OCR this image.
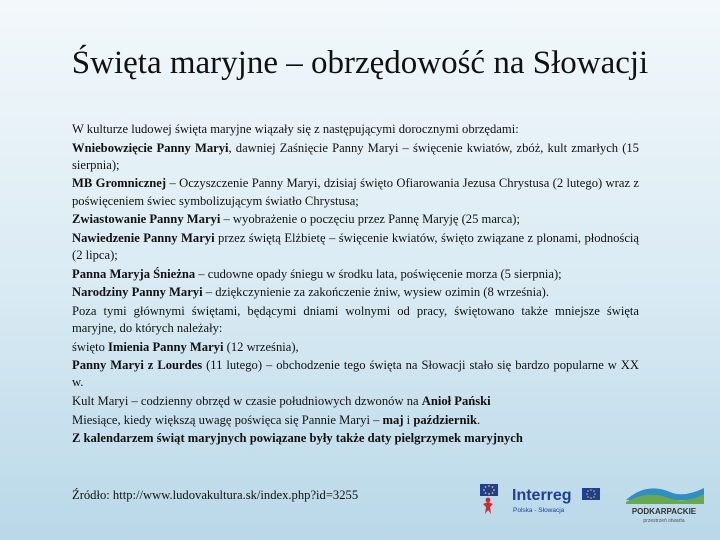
Święta maryjne – obrzędowość na Słowacji

W kulturze ludowej święta maryjne wiązały się z następującymi dorocznymi obrzędami:

Wniebowzięcie Panny Maryi, dawniej Zaśnięcie Panny Maryi – święcenie kwiatów, zbóż, kult zmarłych (15 sierpnia);

MB Gromnicznej – Oczyszczenie Panny Maryi, dzisiaj święto Ofiarowania Jezusa Chrystusa (2 lutego) wraz z poświęceniem świec symbolizującym światło Chrystusa;

Zwiastowanie Panny Maryi – wyobrażenie o poczęciu przez Pannę Maryję (25 marca);

Nawiedzenie Panny Maryi przez świętą Elżbietę – święcenie kwiatów, święto związane z plonami, płodnością (2 lipca);

Panna Maryja Śnieżna – cudowne opady śniegu w środku lata, poświęcenie morza (5 sierpnia);

Narodziny Panny Maryi – dziękczynienie za zakończenie żniw, wysiew ozimin (8 września).

Poza tymi głównymi świętami, będącymi dniami wolnymi od pracy, świętowano także mniejsze święta maryjne, do których należały:

święto Imienia Panny Maryi (12 września),

Panny Maryi z Lourdes (11 lutego) – obchodzenie tego święta na Słowacji stało się bardzo popularne w XX w.

Kult Maryi – codzienny obrzęd w czasie południowych dzwonów na Anioł Pański

Miesiące, kiedy większą uwagę poświęca się Pannie Maryi – maj i październik.

Z kalendarzem świąt maryjnych powiązane były także daty pielgrzymek maryjnych

Źródło: http://www.ludovakultura.sk/index.php?id=3255	Interreg
Polska - Słowacja	PODKARPACKIE
przestrzeń otwarta
